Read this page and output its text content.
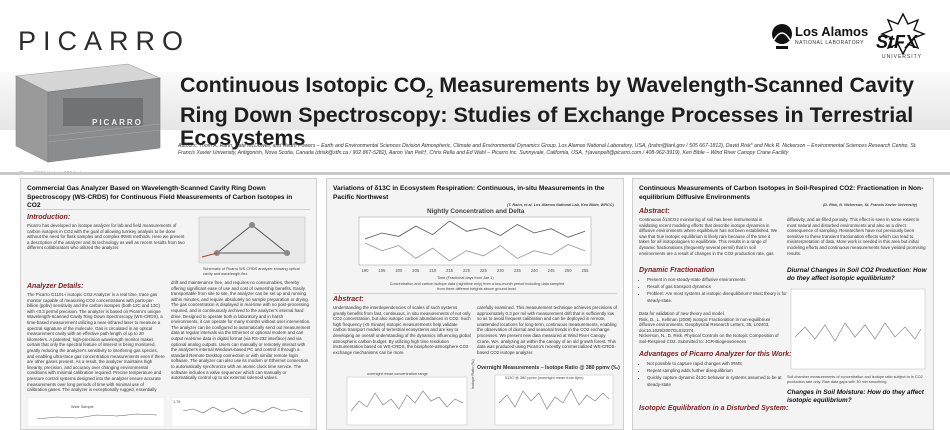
PICARRO	Los Alamos
NATIONAL LABORATORY StFX
UNIVERSITY
PICARRO
Continuous Isotopic $CO_2$ Measurements by Wavelength-Scanned Cavity Ring Down Spectroscopy: Studies of Exchange Processes in Terrestrial Ecosystems
Authors: Thom A. Rahn, Nate McDowell, and Heath Powers – Earth and Environmental Sciences Division Atmospheric, Climate and Environmental Dynamics Group, Los Alamos National Laboratory, USA, (trahn@lanl.gov / 505 667-1812), David Risk* and Nick R. Nickerson – Environmental Sciences Research Centre, St. Francis Xavier University, Antigonish, Nova Scotia, Canada (drisk@stfx.ca / 902 867-5282), Aaron Van Pelt†, Chris Rella and Ed Wahl – Picarro Inc. Sunnyvale, California, USA, †(avanpelt@picarro.com / 408-962-3919), Ken Bible – Wind River Canopy Crane Facility
Commercial Gas Analyzer Based on Wavelength-Scanned Cavity Ring Down Spectroscopy (WS-CRDS) for Continuous Field Measurements of Carbon Isotopes in CO2
Introduction:
Picarro has developed an isotope analyzer for lab and field measurements of carbon isotopes in CO2 with the goal of allowing turnkey analysis to be done without the need for flask samples and complex IRMS methods. Here we present a description of the analyzer and its technology as well as recent results from two different collaborators who utilized the analyzer.
Schematic of Picarro WS-CRDS analyzer showing optical cavity and wavelength flex.
Analyzer Details:
The Picarro G1101-i isotopic CO2 Analyzer is a real time, trace gas monitor capable of measuring CO2 concentrations with parts-per-billion (ppbv) sensitivity and the carbon isotopes (both 12C and 13C) with <0.3 permil precision. The analyzer is based on Picarro's unique Wavelength-Scanned Cavity Ring Down Spectroscopy (WS-CRDS), a time-based measurement utilizing a near-infrared laser to measure a spectral signature of the molecule. Gas is circulated in an optical measurement cavity with an effective path length of up to 20 kilometers. A patented, high-precision wavelength monitor makes certain that only the spectral feature of interest is being monitored, greatly reducing the analyzer's sensitivity to interfering gas species, and enabling ultra-trace gas concentration measurements even if there are other gases present. As a result, the analyzer maintains high linearity, precision, and accuracy over changing environmental conditions with minimal calibration required. Precise temperature and pressure control systems designed into the analyzer ensure accurate measurements over long periods of time with minimal use of calibration gases. The analyzer is exceptionally rugged, essentially
drift and maintenance free, and requires no consumables, thereby offering significant ease of use and cost of ownership benefits. Easily transportable from site to site, the analyzer can be set up and running within minutes, and require absolutely no sample preparation or drying. The gas concentration is displayed in real-time with no post-processing required, and is continuously archived to the analyzer's internal hard drive. Designed to operate both in laboratory and in harsh environments, it can operate for many months without user intervention. The analyzer can be configured to automatically send out measurement data at regular intervals via the Ethernet or optional modem and can output real-time data in digital format (via RS-232 interface) and via optional analog outputs. Users can manually or remotely interact with the analyzer's internal Windows-based PC and control it through a standard Remote Desktop connection or with similar remote login software. The analyzer can also use its modem or Ethernet connection to automatically synchronize with an atomic clock time service. The software includes a valve sequencer which can manually or automatically control up to six external solenoid valves.
Wide Sample
1.75
Variations of δ13C in Ecosystem Respiration: Continuous, in-situ Measurements in the Pacific Northwest
(T. Rahn, et al. Los Alamos National Lab, Ken Bible, WRCC)
Nightly Concentration and Delta
190 195 200 205 210 215 220 225 230 235 240 245 250 255
Time (Fractional days from Jan 1)
Concentration and carbon isotope data (nighttime only) from a two-month period including data sampled from three different heights above ground level.
Abstract:
Understanding the interdependencies of scales of such systems greatly benefits from fast, continuous, in situ measurements of not only CO2 concentration, but also isotopic carbon abundances in CO2. Such high frequency (<5 minute) isotopic measurements help validate carbon transport models of terrestrial ecosystems and are key to developing an overall understanding of the dynamics influencing global atmospheric carbon budget. By utilizing high time resolution instrumentation based on WS-CRDS, the biosphere-atmosphere CO2 exchange mechanisms can be more
carefully examined. This measurement technique achieves precisions of approximately 0.3 per mil with measurement drift that is sufficiently low so as to avoid frequent calibration and can be deployed in remote, unattended locations for long-term, continuous measurements, enabling the observation of diurnal and seasonal trends in the CO2 exchange processes. We present new data measured at Wind River Canopy Crane, WA, analyzing air within the canopy of an old growth forest. This data was produced using Picarro's recently commercialized WS-CRDS-based CO2 isotope analyzer.
overnight mean concentration range
Overnight Measurements – Isotope Ratio @ 380 ppmv (‰)
δ13C @ 380 ppmv (overnight mean from 8pm)
Isotope Ratio (‰)
Continuous Measurements of Carbon Isotopes in Soil-Respired CO2: Fractionation in Non-equilibrium Diffusive Environments
(D. Risk, N. Nickerson, St. Francis Xavier University)
Abstract:
Continuous δ13CO2 monitoring of soil has been instrumental in validating recent modeling efforts that describe isotope dynamics in diffusive environments where equilibrium has not been established. We saw that true isotopic equilibrium is likely rare because of the time it takes for all isotopologues to equilibrate. This results in a range of dynamic fractionations (frequently several permil) that in soil environments are a result of changes in the CO2 production rate, gas
diffusivity, and air-filled porosity. This effect is seen in some extent in most natural and disturbed environments and also as a direct consequence of sampling. Researchers have not previously been sensitive to these transient fractionation effects which can lead to misinterpretation of data. More work is needed in this area but initial modeling efforts and continuous measurements have yielded promising results.
Dynamic Fractionation
• Present in non-steady-state diffusive environments
• Result of gas transport dynamics
• Problem: Are most systems at isotopic disequilibrium? Most theory is for steady-state.
Data for validation of new theory and model.
Risk, D., L. Kellman (2008) Isotopic Fractionation in non-equilibrium diffusive environments. Geophysical Research Letters, 35, L02403, doi:10.1029/2007GL032374.
Nickerson, N., D. Risk. Physical Controls on the Isotopic Composition of Soil-Respired CO2. Submitted to: JGR-Biogeosciences
Advantages of Picarro Analyzer for this Work:
• Not possible to capture rapid changes with IRMS
• Repeat sampling adds further disequilibrium
• Quickly capture dynamic δ13C behavior in systems assumed to be at steady-state
Isotopic Equilibration in a Disturbed System:
Diurnal Changes in Soil CO2 Production: How do they affect isotopic equilibrium?
Soil chamber measurements of concentration and isotope ratio subject to in CO2 production rate only. Raw data gaps with 30 min smoothing.
Changes in Soil Moisture: How do they affect isotopic equilibrium?
